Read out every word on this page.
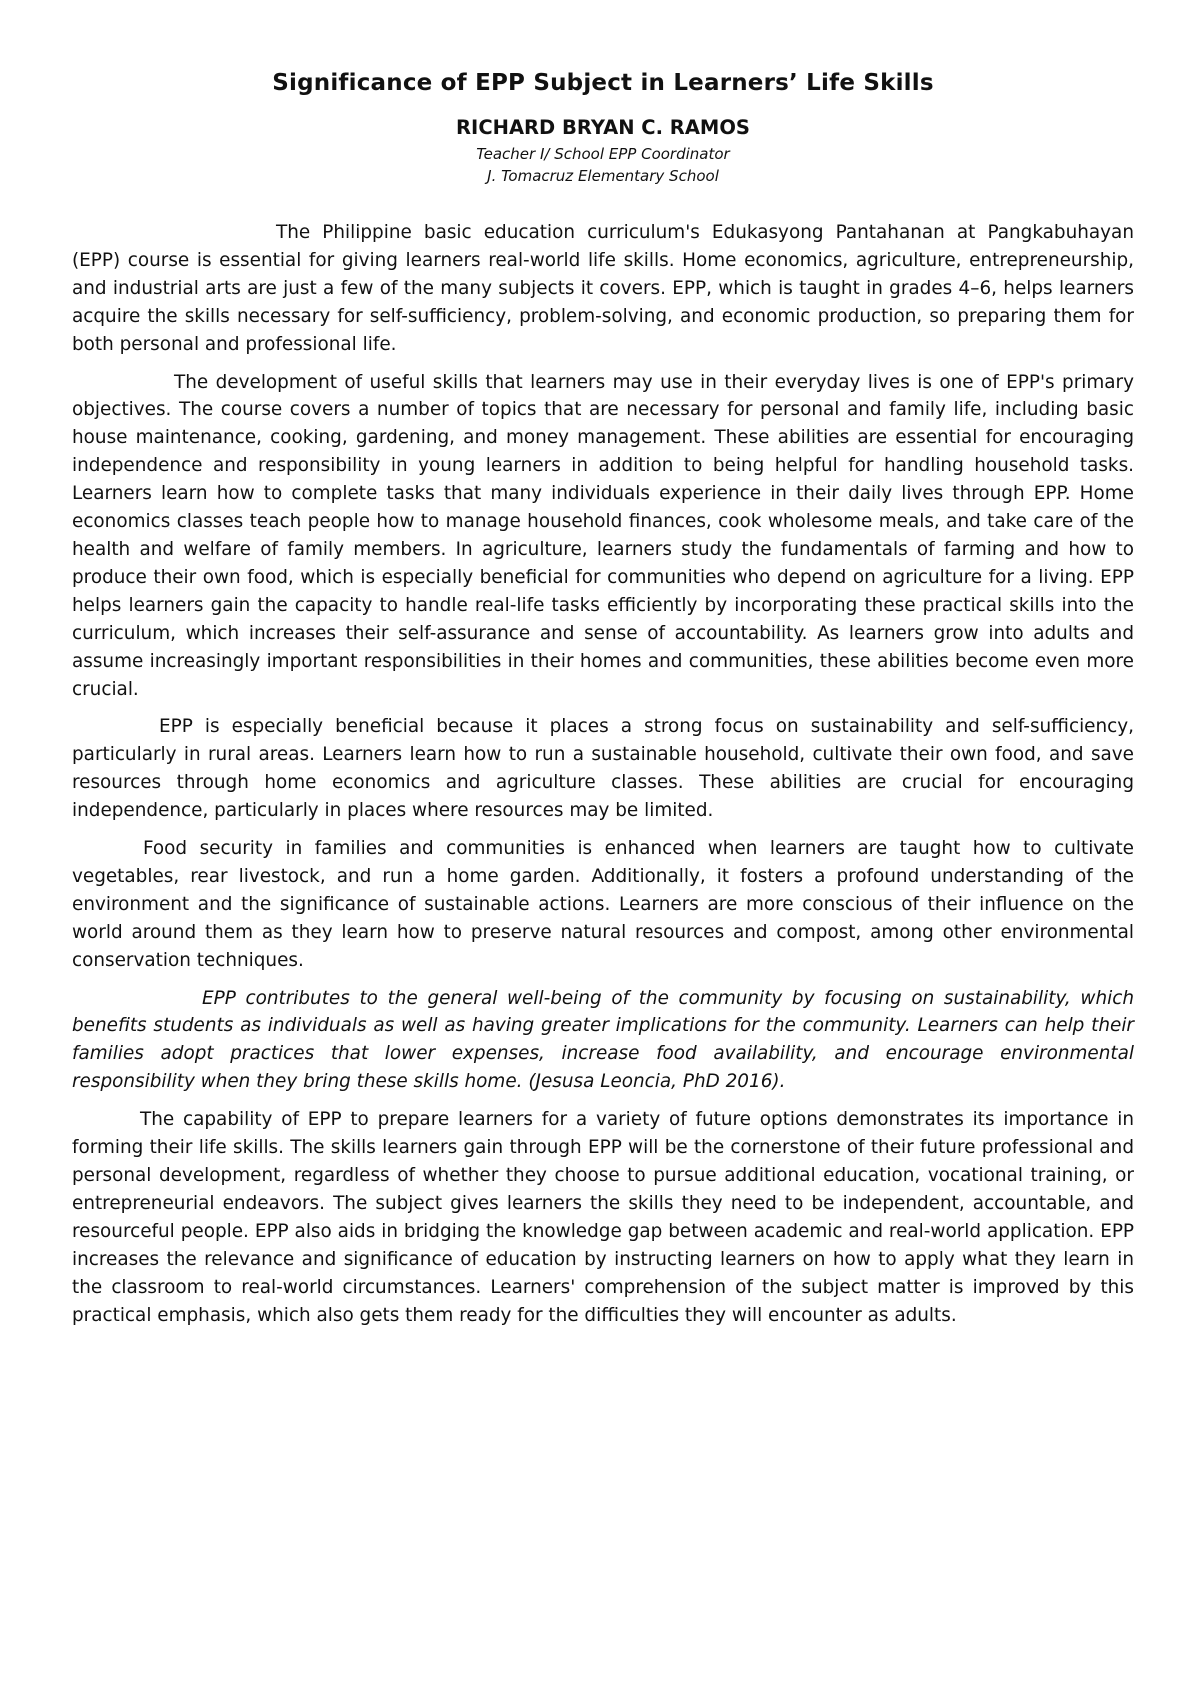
Significance of EPP Subject in Learners’ Life Skills
RICHARD BRYAN C. RAMOS
Teacher I/ School EPP Coordinator
J. Tomacruz Elementary School

The Philippine basic education curriculum's Edukasyong Pantahanan at Pangkabuhayan (EPP) course is essential for giving learners real-world life skills. Home economics, agriculture, entrepreneurship, and industrial arts are just a few of the many subjects it covers. EPP, which is taught in grades 4–6, helps learners acquire the skills necessary for self-sufficiency, problem-solving, and economic production, so preparing them for both personal and professional life.

The development of useful skills that learners may use in their everyday lives is one of EPP's primary objectives. The course covers a number of topics that are necessary for personal and family life, including basic house maintenance, cooking, gardening, and money management. These abilities are essential for encouraging independence and responsibility in young learners in addition to being helpful for handling household tasks. Learners learn how to complete tasks that many individuals experience in their daily lives through EPP. Home economics classes teach people how to manage household finances, cook wholesome meals, and take care of the health and welfare of family members. In agriculture, learners study the fundamentals of farming and how to produce their own food, which is especially beneficial for communities who depend on agriculture for a living. EPP helps learners gain the capacity to handle real-life tasks efficiently by incorporating these practical skills into the curriculum, which increases their self-assurance and sense of accountability. As learners grow into adults and assume increasingly important responsibilities in their homes and communities, these abilities become even more crucial.

EPP is especially beneficial because it places a strong focus on sustainability and self-sufficiency, particularly in rural areas. Learners learn how to run a sustainable household, cultivate their own food, and save resources through home economics and agriculture classes. These abilities are crucial for encouraging independence, particularly in places where resources may be limited.

Food security in families and communities is enhanced when learners are taught how to cultivate vegetables, rear livestock, and run a home garden. Additionally, it fosters a profound understanding of the environment and the significance of sustainable actions. Learners are more conscious of their influence on the world around them as they learn how to preserve natural resources and compost, among other environmental conservation techniques.

EPP contributes to the general well-being of the community by focusing on sustainability, which benefits students as individuals as well as having greater implications for the community. Learners can help their families adopt practices that lower expenses, increase food availability, and encourage environmental responsibility when they bring these skills home. (Jesusa Leoncia, PhD 2016).

The capability of EPP to prepare learners for a variety of future options demonstrates its importance in forming their life skills. The skills learners gain through EPP will be the cornerstone of their future professional and personal development, regardless of whether they choose to pursue additional education, vocational training, or entrepreneurial endeavors. The subject gives learners the skills they need to be independent, accountable, and resourceful people. EPP also aids in bridging the knowledge gap between academic and real-world application. EPP increases the relevance and significance of education by instructing learners on how to apply what they learn in the classroom to real-world circumstances. Learners' comprehension of the subject matter is improved by this practical emphasis, which also gets them ready for the difficulties they will encounter as adults.
